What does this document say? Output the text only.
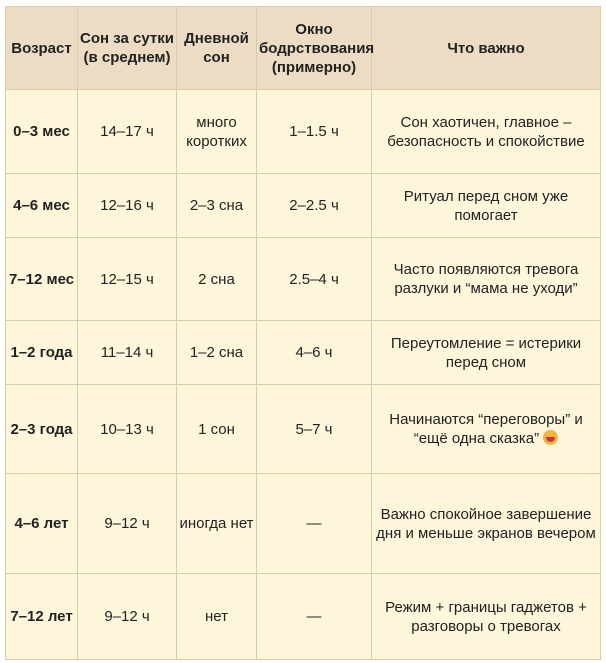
Возраст	Сон за сутки (в среднем)	Дневной сон	Окно бодрствования (примерно)	Что важно
0–3 мес	14–17 ч	много коротких	1–1.5 ч	Сон хаотичен, главное – безопасность и спокойствие
4–6 мес	12–16 ч	2–3 сна	2–2.5 ч	Ритуал перед сном уже помогает
7–12 мес	12–15 ч	2 сна	2.5–4 ч	Часто появляются тревога разлуки и “мама не уходи”
1–2 года	11–14 ч	1–2 сна	4–6 ч	Переутомление = истерики перед сном
2–3 года	10–13 ч	1 сон	5–7 ч	Начинаются “переговоры” и “ещё одна сказка”
4–6 лет	9–12 ч	иногда нет	—	Важно спокойное завершение дня и меньше экранов вечером
7–12 лет	9–12 ч	нет	—	Режим + границы гаджетов + разговоры о тревогах
